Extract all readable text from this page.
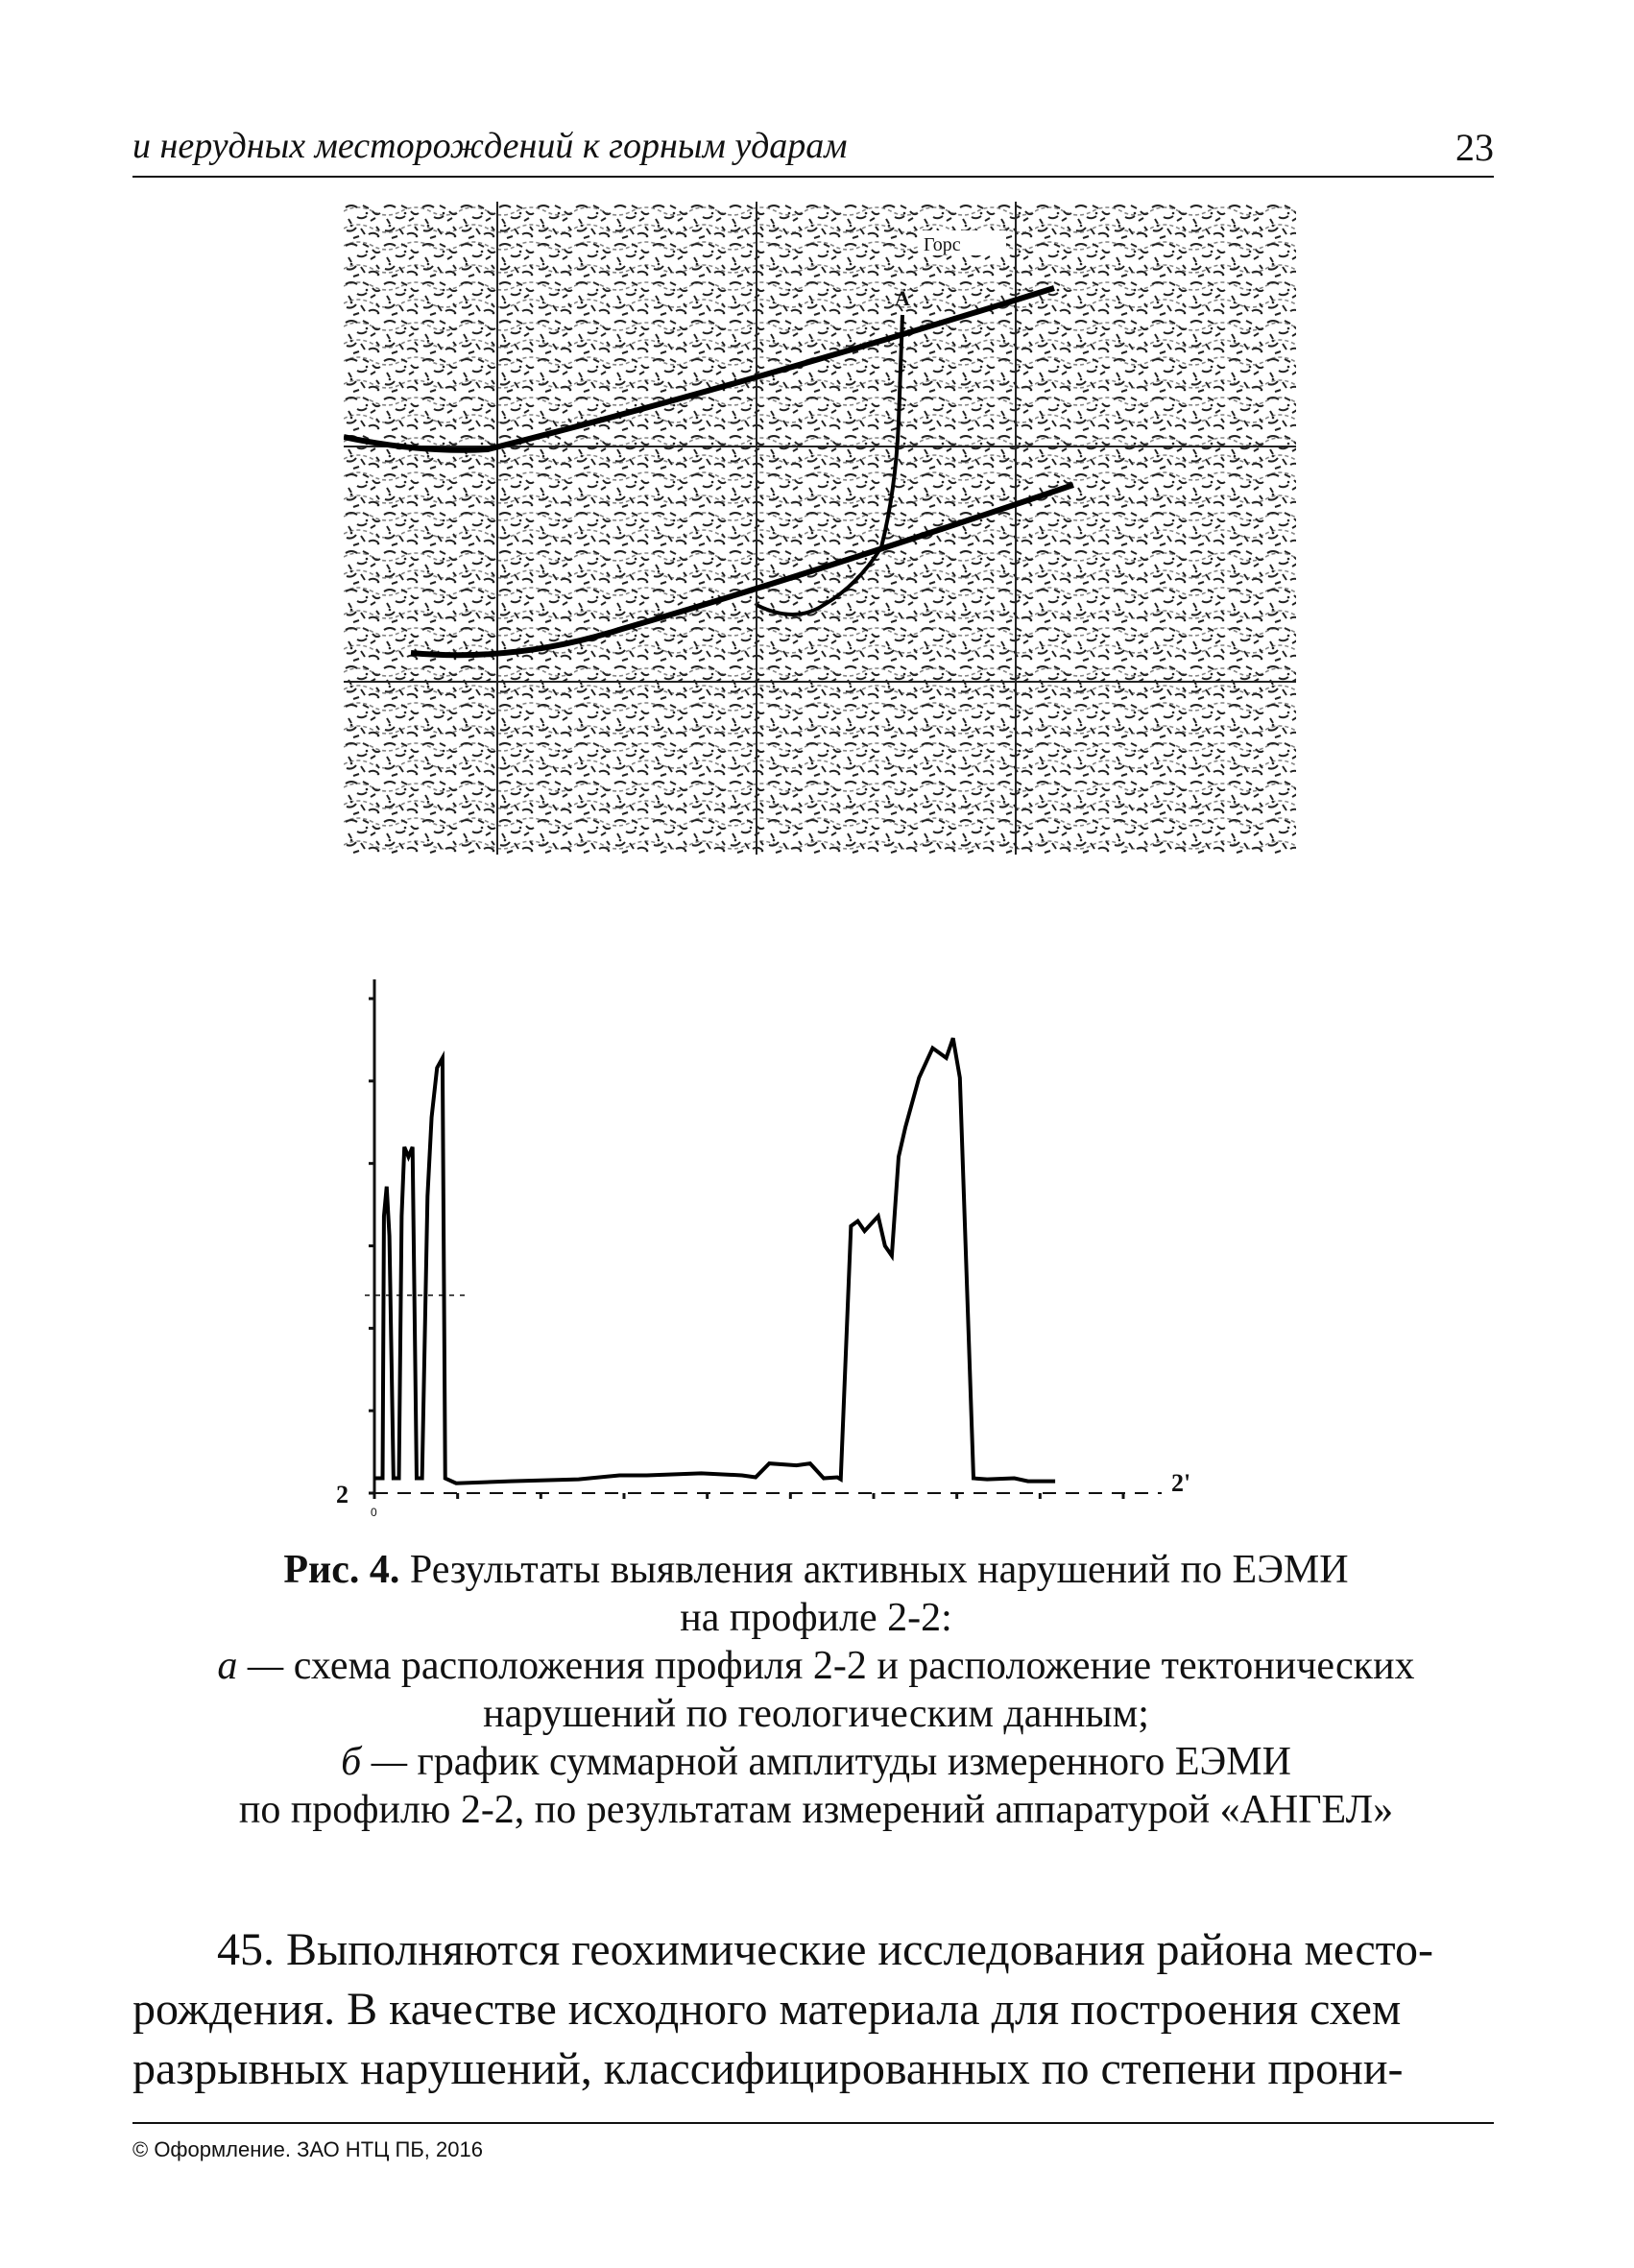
и нерудных месторождений к горным ударам	23
Горс
А
0
2	2'
Рис. 4. Результаты выявления активных нарушений по ЕЭМИ
на профиле 2-2:
а — схема расположения профиля 2-2 и расположение тектонических
нарушений по геологическим данным;
б — график суммарной амплитуды измеренного ЕЭМИ
по профилю 2-2, по результатам измерений аппаратурой «АНГЕЛ»
45. Выполняются геохимические исследования района место-
рождения. В качестве исходного материала для построения схем
разрывных нарушений, классифицированных по степени прони-
© Оформление. ЗАО НТЦ ПБ, 2016
